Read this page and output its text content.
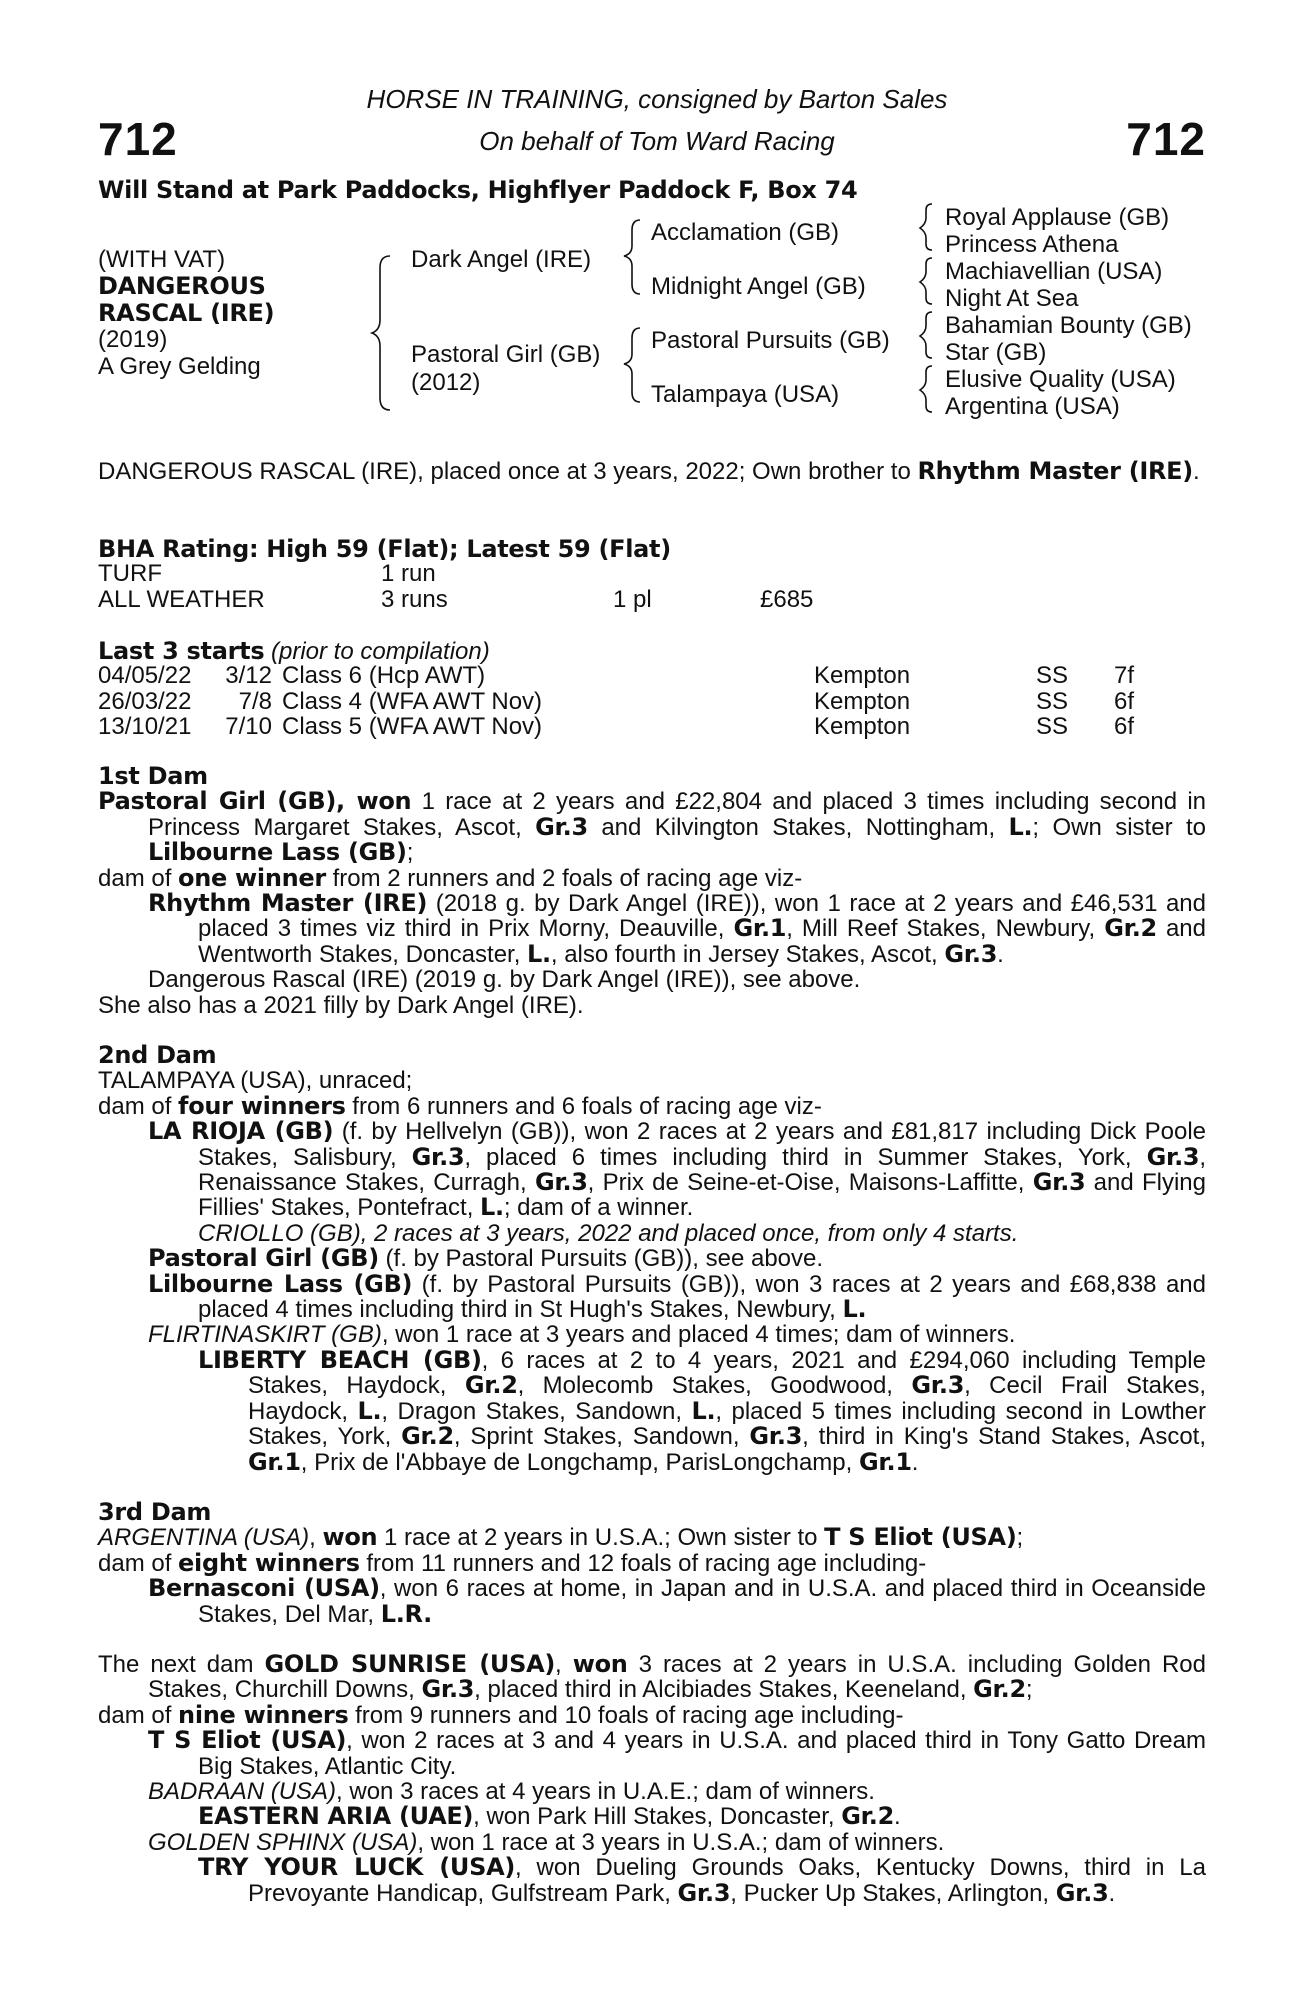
HORSE IN TRAINING, consigned by Barton Sales
On behalf of Tom Ward Racing
712	712
Will Stand at Park Paddocks, Highflyer Paddock F, Box 74
(WITH VAT)
DANGEROUS
RASCAL (IRE)
(2019)
A Grey Gelding
Dark Angel (IRE)
Pastoral Girl (GB)
(2012)
Acclamation (GB)
Midnight Angel (GB)
Pastoral Pursuits (GB)
Talampaya (USA)
Royal Applause (GB)
Princess Athena
Machiavellian (USA)
Night At Sea
Bahamian Bounty (GB)
Star (GB)
Elusive Quality (USA)
Argentina (USA)

DANGEROUS RASCAL (IRE), placed once at 3 years, 2022; Own brother to Rhythm Master (IRE).

BHA Rating: High 59 (Flat); Latest 59 (Flat)
TURF	1 run		
ALL WEATHER	3 runs	1 pl	£685
Last 3 starts (prior to compilation)
04/05/22	3/12	Class 6 (Hcp AWT)	Kempton	SS	7f
26/03/22	7/8	Class 4 (WFA AWT Nov)	Kempton	SS	6f
13/10/21	7/10	Class 5 (WFA AWT Nov)	Kempton	SS	6f

1st Dam

Pastoral Girl (GB), won 1 race at 2 years and £22,804 and placed 3 times including second in Princess Margaret Stakes, Ascot, Gr.3 and Kilvington Stakes, Nottingham, L.; Own sister to Lilbourne Lass (GB);

dam of one winner from 2 runners and 2 foals of racing age viz-

Rhythm Master (IRE) (2018 g. by Dark Angel (IRE)), won 1 race at 2 years and £46,531 and placed 3 times viz third in Prix Morny, Deauville, Gr.1, Mill Reef Stakes, Newbury, Gr.2 and Wentworth Stakes, Doncaster, L., also fourth in Jersey Stakes, Ascot, Gr.3.

Dangerous Rascal (IRE) (2019 g. by Dark Angel (IRE)), see above.

She also has a 2021 filly by Dark Angel (IRE).

2nd Dam

TALAMPAYA (USA), unraced;

dam of four winners from 6 runners and 6 foals of racing age viz-

LA RIOJA (GB) (f. by Hellvelyn (GB)), won 2 races at 2 years and £81,817 including Dick Poole Stakes, Salisbury, Gr.3, placed 6 times including third in Summer Stakes, York, Gr.3, Renaissance Stakes, Curragh, Gr.3, Prix de Seine-et-Oise, Maisons-Laffitte, Gr.3 and Flying Fillies' Stakes, Pontefract, L.; dam of a winner.

CRIOLLO (GB), 2 races at 3 years, 2022 and placed once, from only 4 starts.

Pastoral Girl (GB) (f. by Pastoral Pursuits (GB)), see above.

Lilbourne Lass (GB) (f. by Pastoral Pursuits (GB)), won 3 races at 2 years and £68,838 and placed 4 times including third in St Hugh's Stakes, Newbury, L.

FLIRTINASKIRT (GB), won 1 race at 3 years and placed 4 times; dam of winners.

LIBERTY BEACH (GB), 6 races at 2 to 4 years, 2021 and £294,060 including Temple Stakes, Haydock, Gr.2, Molecomb Stakes, Goodwood, Gr.3, Cecil Frail Stakes, Haydock, L., Dragon Stakes, Sandown, L., placed 5 times including second in Lowther Stakes, York, Gr.2, Sprint Stakes, Sandown, Gr.3, third in King's Stand Stakes, Ascot, Gr.1, Prix de l'Abbaye de Longchamp, ParisLongchamp, Gr.1.

3rd Dam

ARGENTINA (USA), won 1 race at 2 years in U.S.A.; Own sister to T S Eliot (USA);

dam of eight winners from 11 runners and 12 foals of racing age including-

Bernasconi (USA), won 6 races at home, in Japan and in U.S.A. and placed third in Oceanside Stakes, Del Mar, L.R.

The next dam GOLD SUNRISE (USA), won 3 races at 2 years in U.S.A. including Golden Rod Stakes, Churchill Downs, Gr.3, placed third in Alcibiades Stakes, Keeneland, Gr.2;

dam of nine winners from 9 runners and 10 foals of racing age including-

T S Eliot (USA), won 2 races at 3 and 4 years in U.S.A. and placed third in Tony Gatto Dream Big Stakes, Atlantic City.

BADRAAN (USA), won 3 races at 4 years in U.A.E.; dam of winners.

EASTERN ARIA (UAE), won Park Hill Stakes, Doncaster, Gr.2.

GOLDEN SPHINX (USA), won 1 race at 3 years in U.S.A.; dam of winners.

TRY YOUR LUCK (USA), won Dueling Grounds Oaks, Kentucky Downs, third in La Prevoyante Handicap, Gulfstream Park, Gr.3, Pucker Up Stakes, Arlington, Gr.3.
